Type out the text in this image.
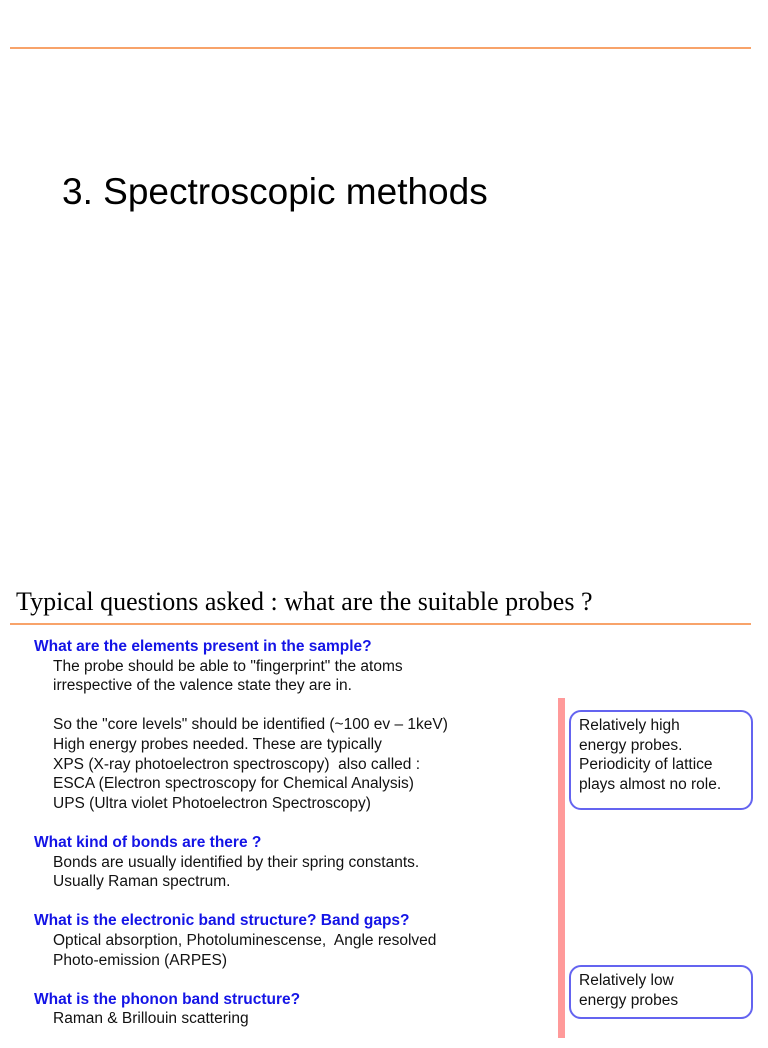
3. Spectroscopic methods
Typical questions asked : what are the suitable probes ?
What are the elements present in the sample?
The probe should be able to "fingerprint" the atoms
irrespective of the valence state they are in.

So the "core levels" should be identified (~100 ev – 1keV)
High energy probes needed. These are typically
XPS (X-ray photoelectron spectroscopy)  also called :
ESCA (Electron spectroscopy for Chemical Analysis)
UPS (Ultra violet Photoelectron Spectroscopy)
What kind of bonds are there ?
Bonds are usually identified by their spring constants.
Usually Raman spectrum.
What is the electronic band structure? Band gaps?
Optical absorption, Photoluminescense,  Angle resolved
Photo-emission (ARPES)
What is the phonon band structure?
Raman & Brillouin scattering
Relatively high
energy probes.
Periodicity of lattice
plays almost no role.
Relatively low
energy probes
